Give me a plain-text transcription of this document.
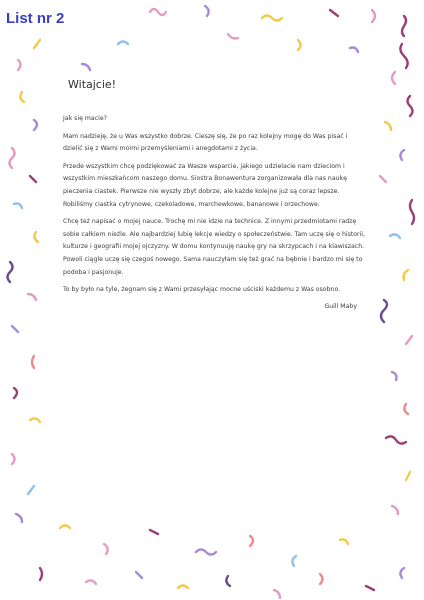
List nr 2
Witajcie!

Jak się macie?

Mam nadzieję, że u Was wszystko dobrze. Cieszę się, że po raz kolejny mogę do Was pisać i dzielić się z Wami moimi przemyśleniami i anegdotami z życia.

Przede wszystkim chcę podziękować za Wasze wsparcie, jakiego udzielacie nam dzieciom i wszystkim mieszkańcom naszego domu. Siostra Bonawentura zorganizowała dla nas naukę pieczenia ciastek. Pierwsze nie wyszły zbyt dobrze, ale każde kolejne już są coraz lepsze. Robiliśmy ciastka cytrynowe, czekoladowe, marchewkowe, bananowe i orzechowe.

Chcę też napisać o mojej nauce. Trochę mi nie idzie na technice. Z innymi przedmiotami radzę sobie całkiem nieźle. Ale najbardziej lubię lekcje wiedzy o społeczeństwie. Tam uczę się o historii, kulturze i geografii mojej ojczyzny. W domu kontynuuję naukę gry na skrzypcach i na klawiszach. Powoli ciągle uczę się czegoś nowego. Sama nauczyłam się też grać na bębnie i bardzo mi się to podoba i pasjonuje.

To by było na tyle, żegnam się z Wami przesyłając mocne uściski każdemu z Was osobno.

Guill Maby
